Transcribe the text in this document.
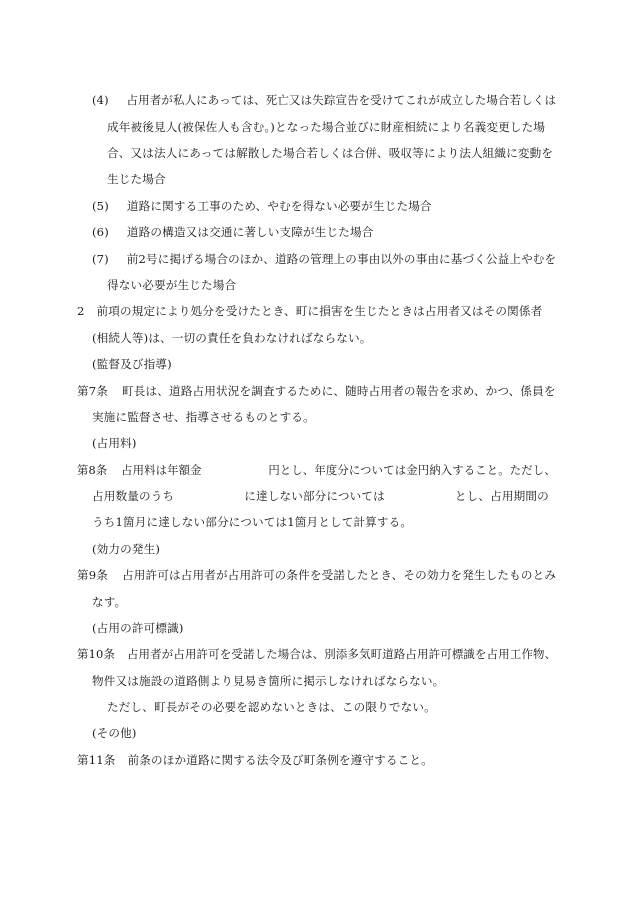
(4) 占用者が私人にあっては、死亡又は失踪宣告を受けてこれが成立した場合若しくは
成年被後見人(被保佐人も含む。)となった場合並びに財産相続により名義変更した場
合、又は法人にあっては解散した場合若しくは合併、吸収等により法人組織に変動を
生じた場合
(5) 道路に関する工事のため、やむを得ない必要が生じた場合
(6) 道路の構造又は交通に著しい支障が生じた場合
(7) 前2号に掲げる場合のほか、道路の管理上の事由以外の事由に基づく公益上やむを
得ない必要が生じた場合
2 前項の規定により処分を受けたとき、町に損害を生じたときは占用者又はその関係者
(相続人等)は、一切の責任を負わなければならない。
(監督及び指導)
第7条 町長は、道路占用状況を調査するために、随時占用者の報告を求め、かつ、係員を
実施に監督させ、指導させるものとする。
(占用料)
第8条 占用料は年額金	円とし、年度分については金円納入すること。ただし、
占用数量のうち	に達しない部分については	とし、占用期間の
うち1箇月に達しない部分については1箇月として計算する。
(効力の発生)
第9条 占用許可は占用者が占用許可の条件を受諾したとき、その効力を発生したものとみ
なす。
(占用の許可標識)
第10条 占用者が占用許可を受諾した場合は、別添多気町道路占用許可標識を占用工作物、
物件又は施設の道路側より見易き箇所に掲示しなければならない。
ただし、町長がその必要を認めないときは、この限りでない。
(その他)
第11条 前条のほか道路に関する法令及び町条例を遵守すること。
